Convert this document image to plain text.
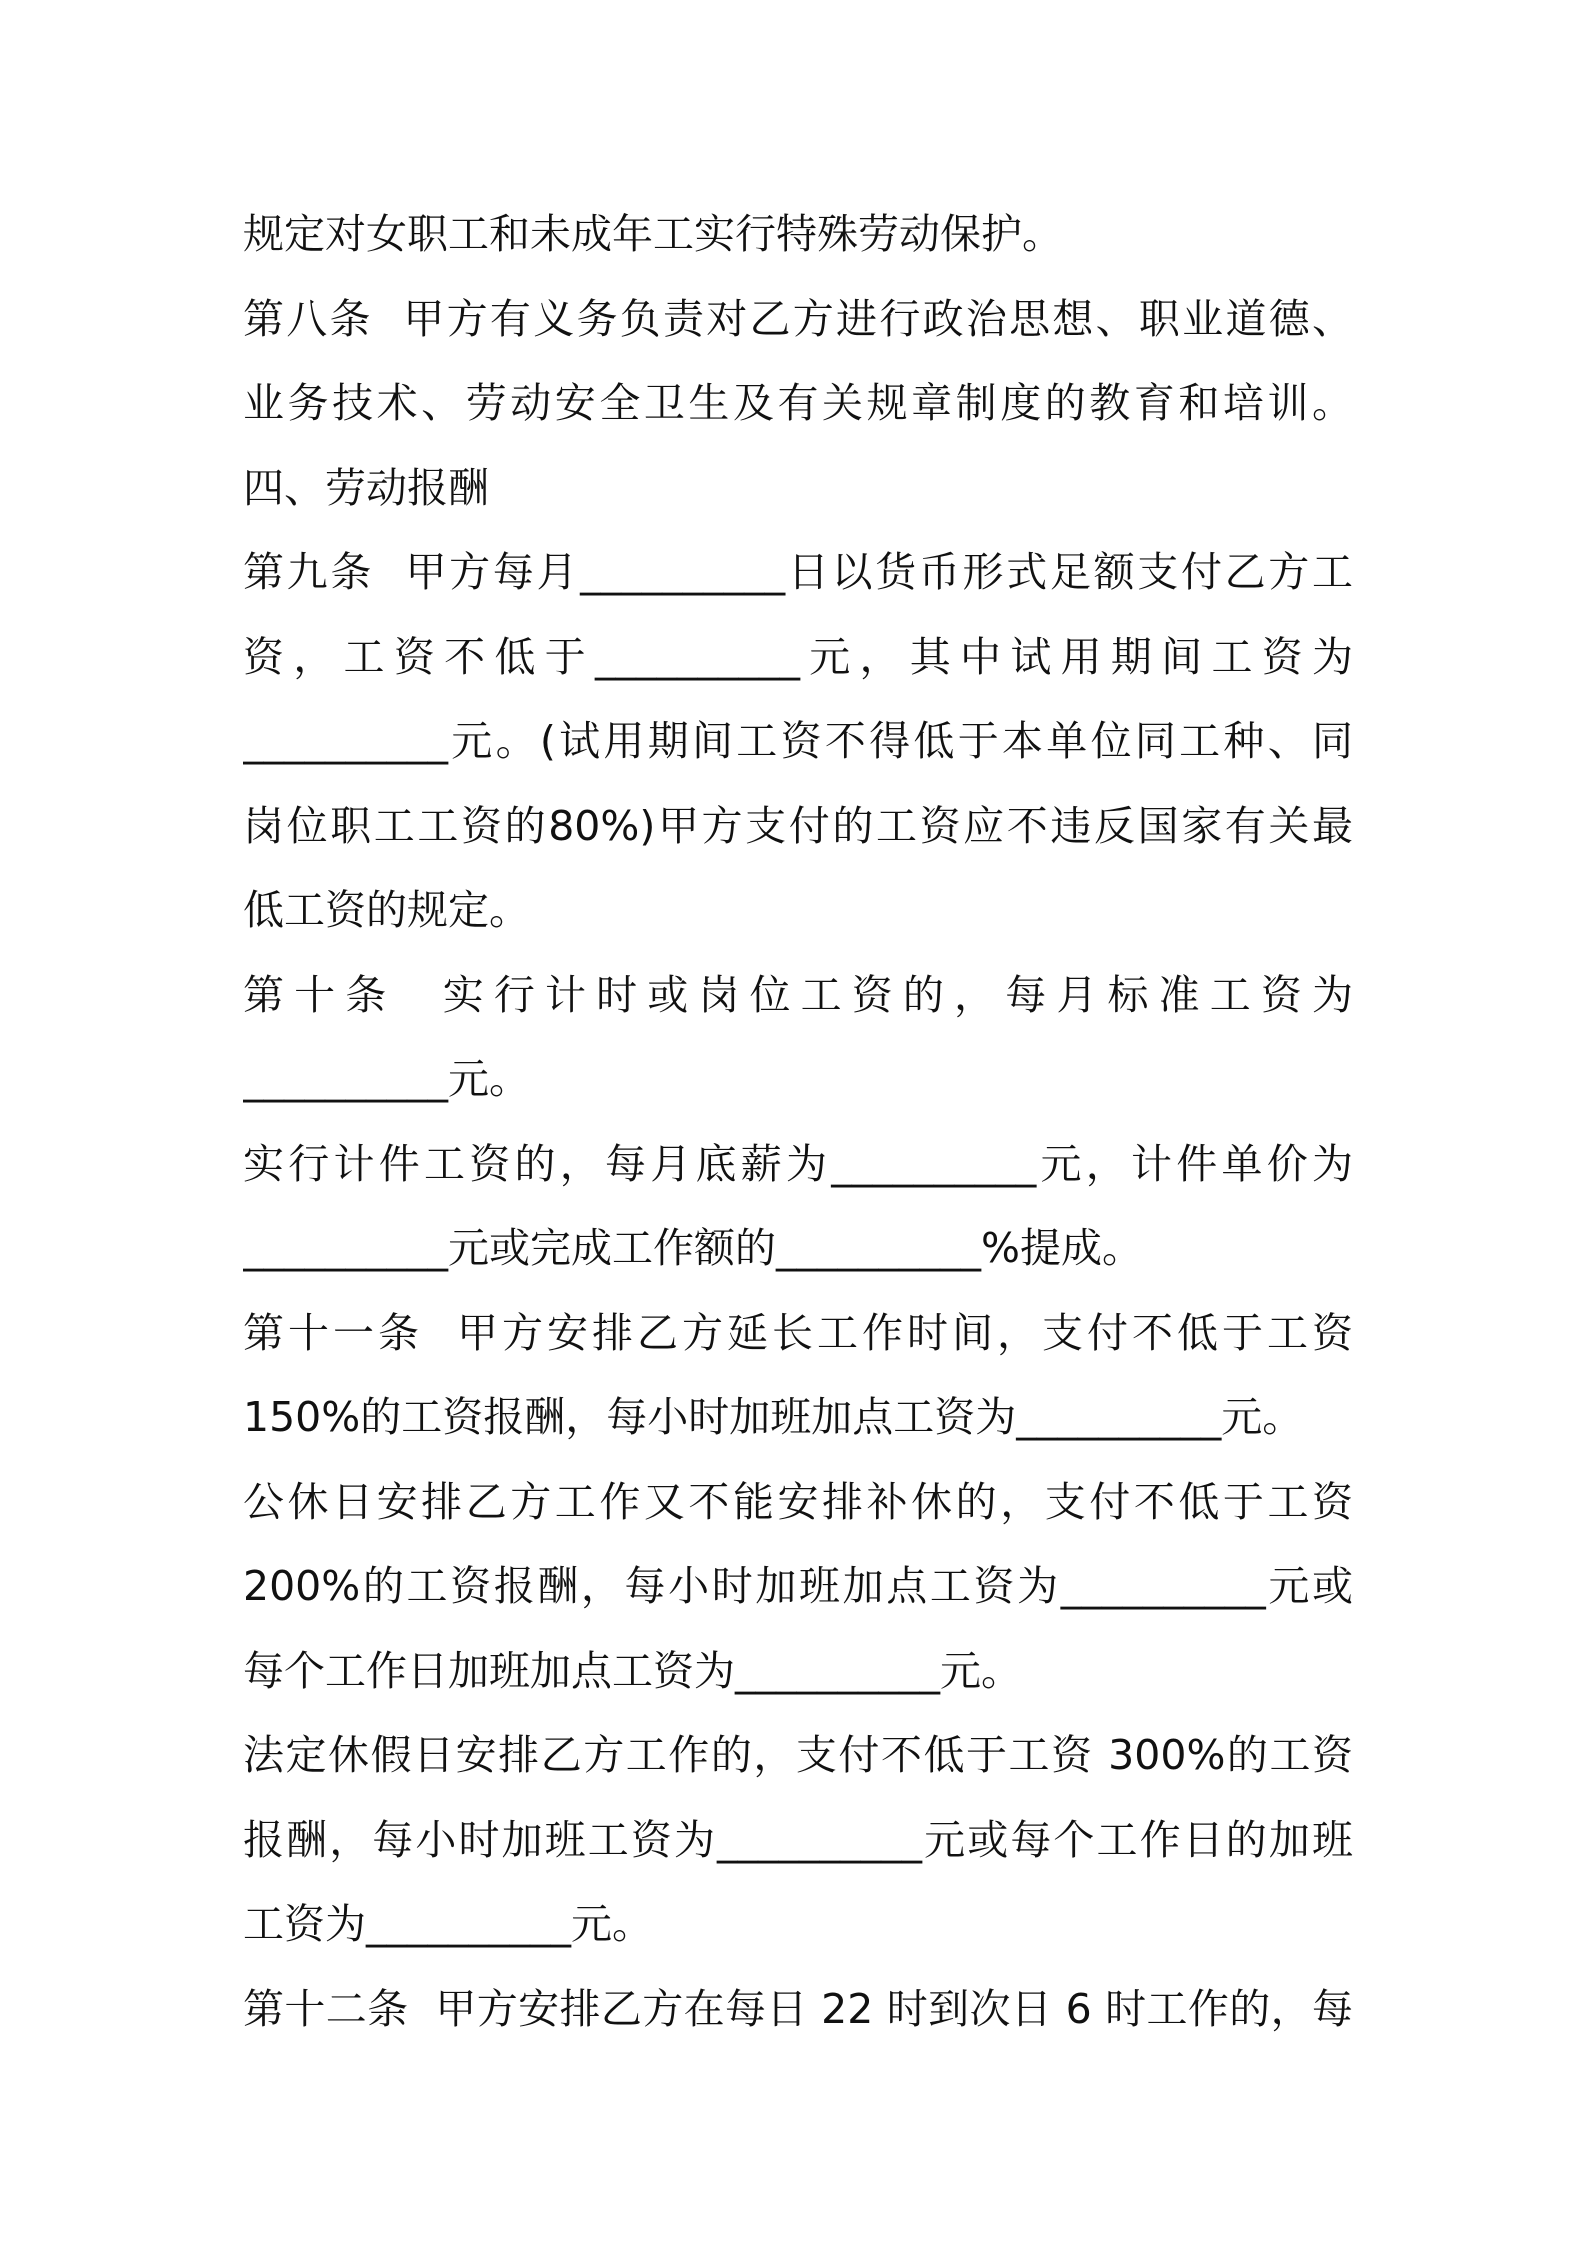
规定对女职工和未成年工实行特殊劳动保护。
第八条  甲方有义务负责对乙方进行政治思想、职业道德、
业务技术、劳动安全卫生及有关规章制度的教育和培训。
四、劳动报酬
第九条  甲方每月__________日以货币形式足额支付乙方工
资，工资不低于__________元，其中试用期间工资为
__________元。(试用期间工资不得低于本单位同工种、同
岗位职工工资的80%)甲方支付的工资应不违反国家有关最
低工资的规定。
第十条  实行计时或岗位工资的，每月标准工资为
__________元。
实行计件工资的，每月底薪为__________元，计件单价为
__________元或完成工作额的__________%提成。
第十一条  甲方安排乙方延长工作时间，支付不低于工资
150%的工资报酬，每小时加班加点工资为__________元。
公休日安排乙方工作又不能安排补休的，支付不低于工资
200%的工资报酬，每小时加班加点工资为__________元或
每个工作日加班加点工资为__________元。
法定休假日安排乙方工作的，支付不低于工资 300%的工资
报酬，每小时加班工资为__________元或每个工作日的加班
工资为__________元。
第十二条  甲方安排乙方在每日 22 时到次日 6 时工作的，每
